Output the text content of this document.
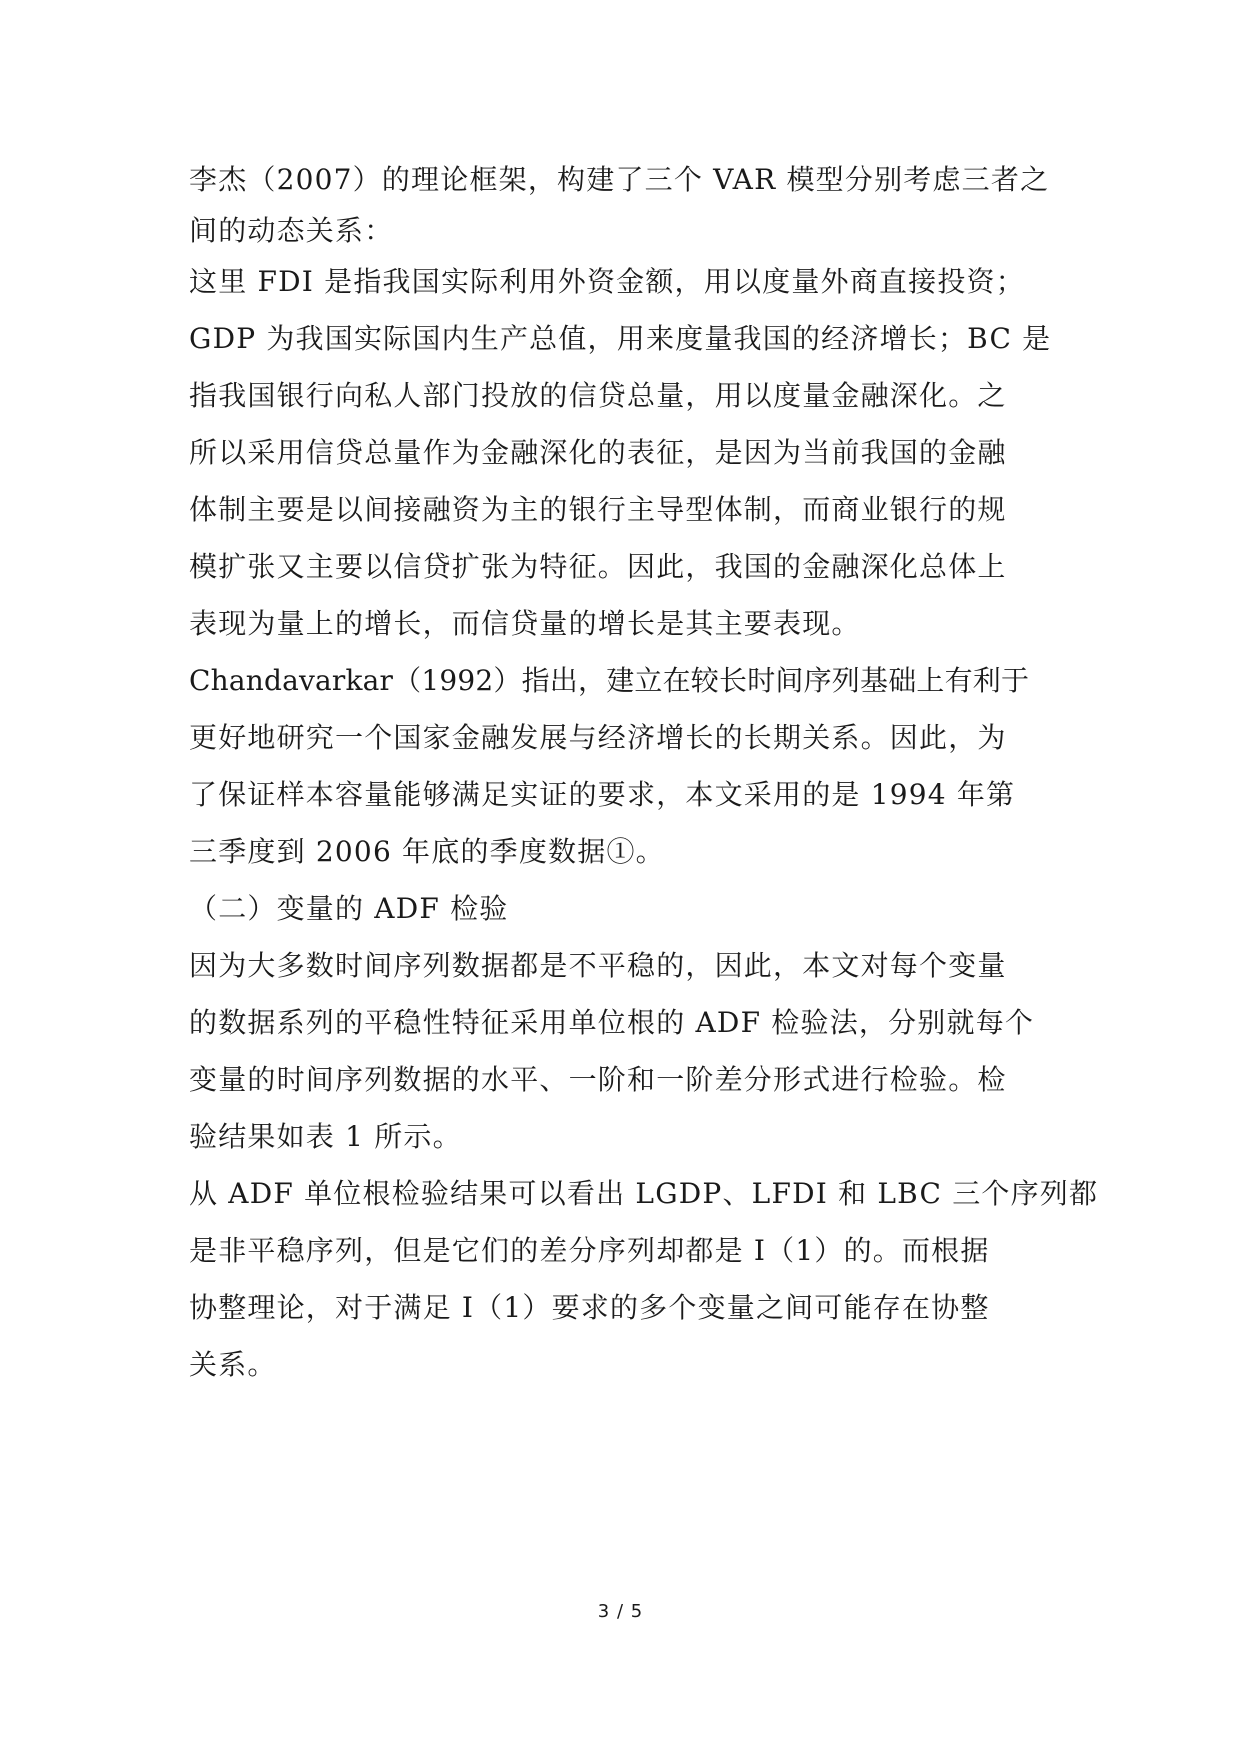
李杰（2007）的理论框架，构建了三个 VAR 模型分别考虑三者之
间的动态关系：
这里 FDI 是指我国实际利用外资金额，用以度量外商直接投资；
GDP 为我国实际国内生产总值，用来度量我国的经济增长；BC 是
指我国银行向私人部门投放的信贷总量，用以度量金融深化。之
所以采用信贷总量作为金融深化的表征，是因为当前我国的金融
体制主要是以间接融资为主的银行主导型体制，而商业银行的规
模扩张又主要以信贷扩张为特征。因此，我国的金融深化总体上
表现为量上的增长，而信贷量的增长是其主要表现。
Chandavarkar（1992）指出，建立在较长时间序列基础上有利于
更好地研究一个国家金融发展与经济增长的长期关系。因此，为
了保证样本容量能够满足实证的要求，本文采用的是 1994 年第
三季度到 2006 年底的季度数据①。
（二）变量的 ADF 检验
因为大多数时间序列数据都是不平稳的，因此，本文对每个变量
的数据系列的平稳性特征采用单位根的 ADF 检验法，分别就每个
变量的时间序列数据的水平、一阶和一阶差分形式进行检验。检
验结果如表 1 所示。
从 ADF 单位根检验结果可以看出 LGDP、LFDI 和 LBC 三个序列都
是非平稳序列，但是它们的差分序列却都是 I（1）的。而根据
协整理论，对于满足 I（1）要求的多个变量之间可能存在协整
关系。
3 / 5
